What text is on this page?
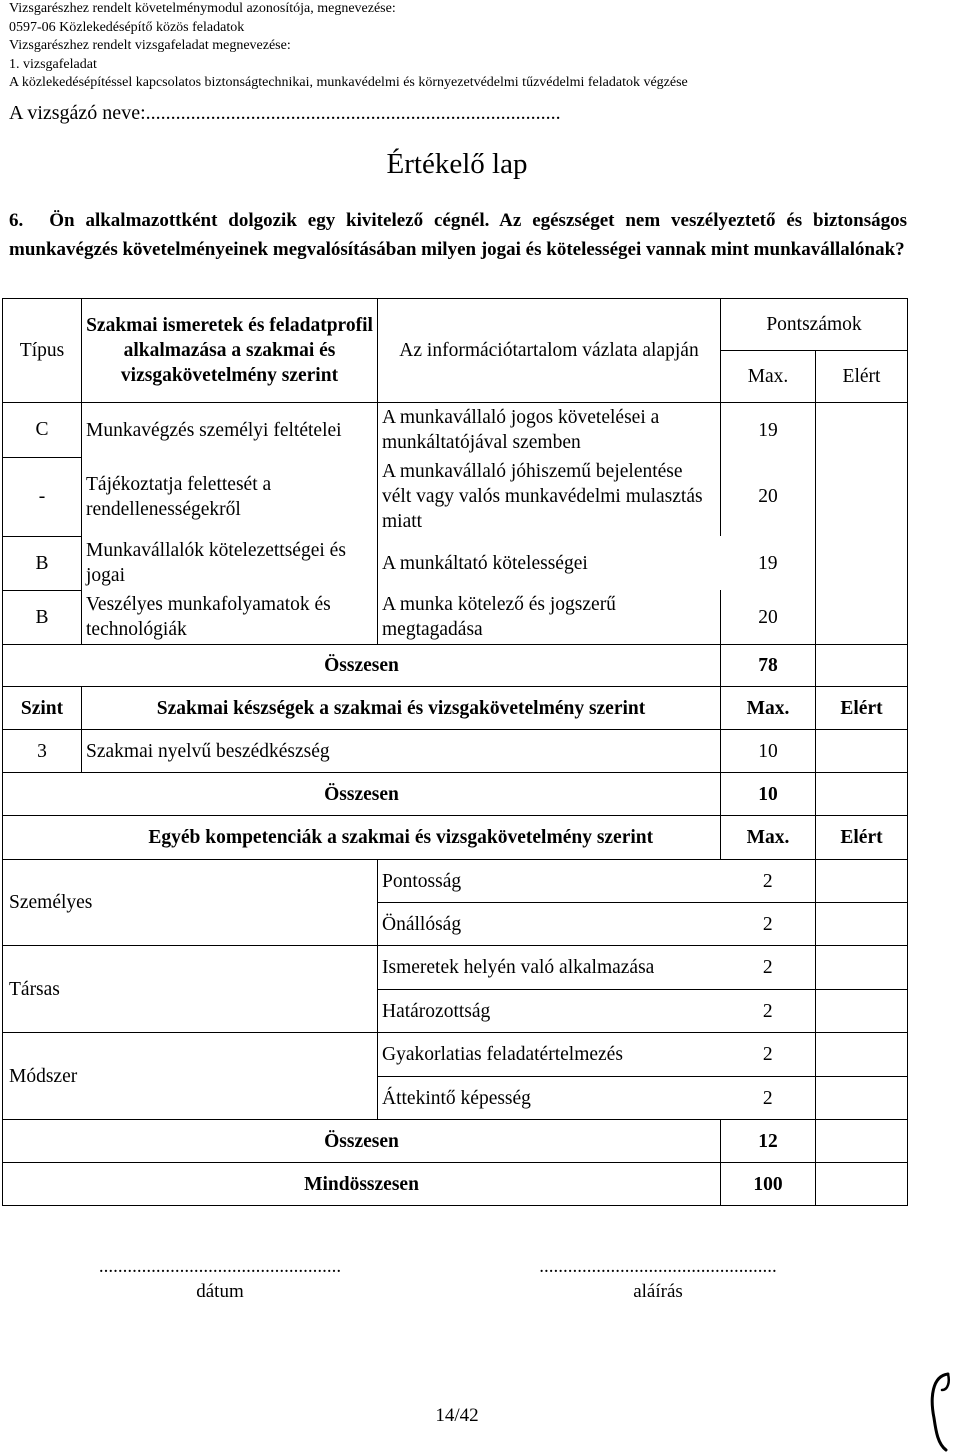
Vizsgarészhez rendelt követelménymodul azonosítója, megnevezése:
0597-06 Közlekedésépítő közös feladatok
Vizsgarészhez rendelt vizsgafeladat megnevezése:
1. vizsgafeladat
A közlekedésépítéssel kapcsolatos biztonságtechnikai, munkavédelmi és környezetvédelmi tűzvédelmi feladatok végzése
A vizsgázó neve:...................................................................................
Értékelő lap
6. Ön alkalmazottként dolgozik egy kivitelező cégnél. Az egészséget nem veszélyeztető és biztonságos munkavégzés követelményeinek megvalósításában milyen jogai és kötelességei vannak mint munkavállalónak?
Típus	Szakmai ismeretek és feladatprofil alkalmazása a szakmai és vizsgakövetelmény szerint	Az információtartalom vázlata alapján	Pontszámok	
			Max.	Elért
C	Munkavégzés személyi feltételei	A munkavállaló jogos követelései a munkáltatójával szemben	19	
-	Tájékoztatja felettesét a rendellenességekről	A munkavállaló jóhiszemű bejelentése vélt vagy valós munkavédelmi mulasztás miatt	20	
B	Munkavállalók kötelezettségei és jogai	A munkáltató kötelességei	19	
B	Veszélyes munkafolyamatok és technológiák	A munka kötelező és jogszerű megtagadása	20	
Összesen			78	
Szint	Szakmai készségek a szakmai és vizsgakövetelmény szerint		Max.	Elért
3	Szakmai nyelvű beszédkészség		10	
Összesen			10	
	Egyéb kompetenciák a szakmai és vizsgakövetelmény szerint		Max.	Elért
Személyes		Pontosság	2	
		Önállóság	2	
Társas		Ismeretek helyén való alkalmazása	2	
		Határozottság	2	
Módszer		Gyakorlatias feladatértelmezés	2	
		Áttekintő képesség	2	
Összesen			12	
Mindösszesen			100	
...................................................
dátum
..................................................
aláírás
14/42
